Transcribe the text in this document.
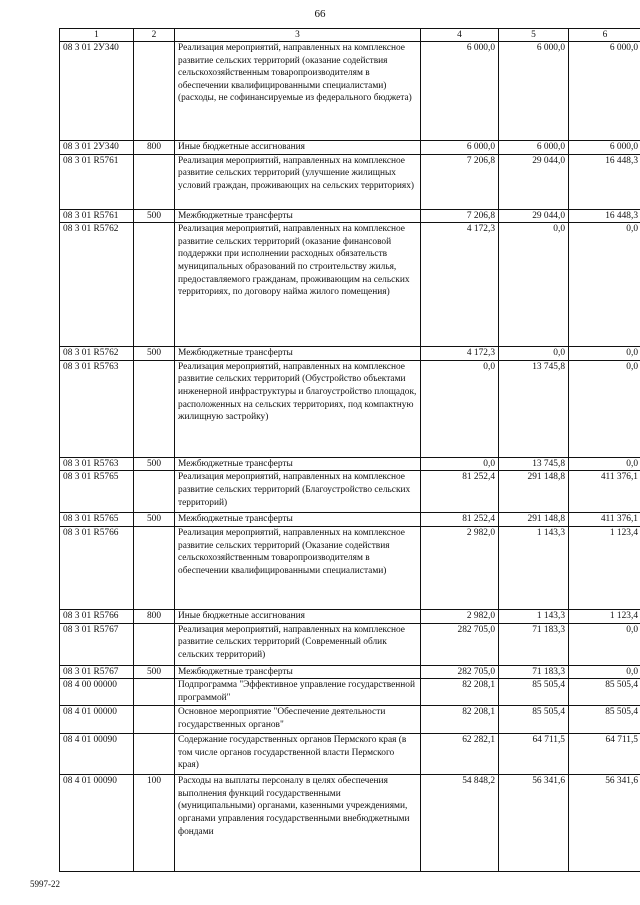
66
1	2	3	4	5	6
08 3 01 2У340		Реализация мероприятий, направленных на комплексное развитие сельских территорий (оказание содействия сельскохозяйственным товаропроизводителям в обеспечении квалифицированными специалистами) (расходы, не софинансируемые из федерального бюджета)	6 000,0	6 000,0	6 000,0
08 3 01 2У340	800	Иные бюджетные ассигнования	6 000,0	6 000,0	6 000,0
08 3 01 R5761		Реализация мероприятий, направленных на комплексное развитие сельских территорий (улучшение жилищных условий граждан, проживающих на сельских территориях)	7 206,8	29 044,0	16 448,3
08 3 01 R5761	500	Межбюджетные трансферты	7 206,8	29 044,0	16 448,3
08 3 01 R5762		Реализация мероприятий, направленных на комплексное развитие сельских территорий (оказание финансовой поддержки при исполнении расходных обязательств муниципальных образований по строительству жилья, предоставляемого гражданам, проживающим на сельских территориях, по договору найма жилого помещения)	4 172,3	0,0	0,0
08 3 01 R5762	500	Межбюджетные трансферты	4 172,3	0,0	0,0
08 3 01 R5763		Реализация мероприятий, направленных на комплексное развитие сельских территорий (Обустройство объектами инженерной инфраструктуры и благоустройство площадок, расположенных на сельских территориях, под компактную жилищную застройку)	0,0	13 745,8	0,0
08 3 01 R5763	500	Межбюджетные трансферты	0,0	13 745,8	0,0
08 3 01 R5765		Реализация мероприятий, направленных на комплексное развитие сельских территорий (Благоустройство сельских территорий)	81 252,4	291 148,8	411 376,1
08 3 01 R5765	500	Межбюджетные трансферты	81 252,4	291 148,8	411 376,1
08 3 01 R5766		Реализация мероприятий, направленных на комплексное развитие сельских территорий (Оказание содействия сельскохозяйственным товаропроизводителям в обеспечении квалифицированными специалистами)	2 982,0	1 143,3	1 123,4
08 3 01 R5766	800	Иные бюджетные ассигнования	2 982,0	1 143,3	1 123,4
08 3 01 R5767		Реализация мероприятий, направленных на комплексное развитие сельских территорий (Современный облик сельских территорий)	282 705,0	71 183,3	0,0
08 3 01 R5767	500	Межбюджетные трансферты	282 705,0	71 183,3	0,0
08 4 00 00000		Подпрограмма "Эффективное управление государственной программой"	82 208,1	85 505,4	85 505,4
08 4 01 00000		Основное мероприятие "Обеспечение деятельности государственных органов"	82 208,1	85 505,4	85 505,4
08 4 01 00090		Содержание государственных органов Пермского края (в том числе органов государственной власти Пермского края)	62 282,1	64 711,5	64 711,5
08 4 01 00090	100	Расходы на выплаты персоналу в целях обеспечения выполнения функций государственными (муниципальными) органами, казенными учреждениями, органами управления государственными внебюджетными фондами	54 848,2	56 341,6	56 341,6
5997-22
